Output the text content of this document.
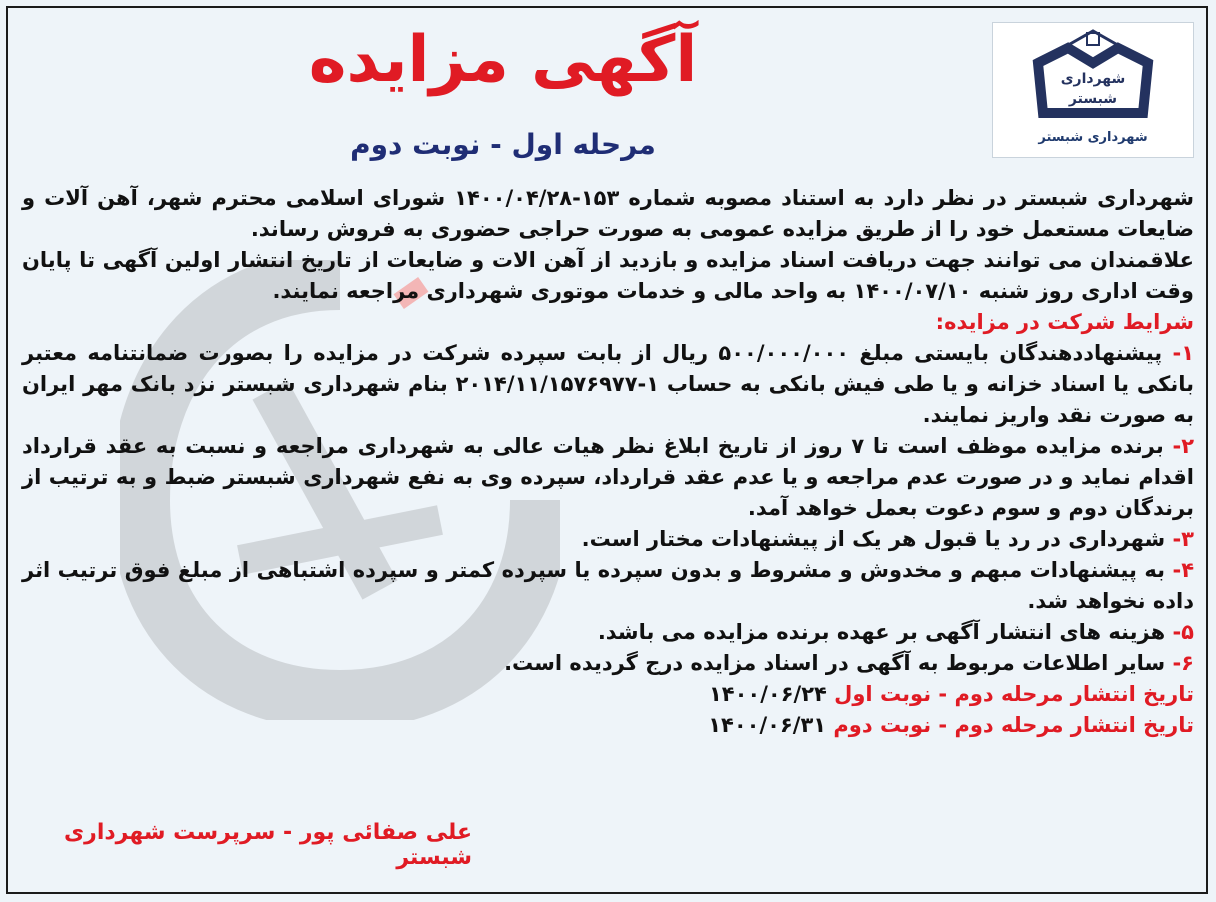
شهرداری
شبستر
شهرداری شبستر
آگهی مزایده
مرحله اول - نوبت دوم

شهرداری شبستر در نظر دارد به استناد مصوبه شماره ۱۵۳-۱۴۰۰/۰۴/۲۸ شورای اسلامی محترم شهر، آهن آلات و ضایعات مستعمل خود را از طریق مزایده عمومی به صورت حراجی حضوری به فروش رساند.

علاقمندان می توانند جهت دریافت اسناد مزایده و بازدید از آهن الات و ضایعات از تاریخ انتشار اولین آگهی تا پایان وقت اداری روز شنبه ۱۴۰۰/۰۷/۱۰ به واحد مالی و خدمات موتوری شهرداری مراجعه نمایند.

شرایط شرکت در مزایده:

۱- پیشنهاددهندگان بایستی مبلغ ۵۰۰/۰۰۰/۰۰۰ ریال از بابت سپرده شرکت در مزایده را بصورت ضمانتنامه معتبر بانکی یا اسناد خزانه و یا طی فیش بانکی به حساب ۱-۲۰۱۴/۱۱/۱۵۷۶۹۷۷ بنام شهرداری شبستر نزد بانک مهر ایران به صورت نقد واریز نمایند.

۲- برنده مزایده موظف است تا ۷ روز از تاریخ ابلاغ نظر هیات عالی به شهرداری مراجعه و نسبت به عقد قرارداد اقدام نماید و در صورت عدم مراجعه و یا عدم عقد قرارداد، سپرده وی به نفع شهرداری شبستر ضبط و به ترتیب از برندگان دوم و سوم دعوت بعمل خواهد آمد.

۳- شهرداری در رد یا قبول هر یک از پیشنهادات مختار است.

۴- به پیشنهادات مبهم و مخدوش و مشروط و بدون سپرده یا سپرده کمتر و سپرده اشتباهی از مبلغ فوق ترتیب اثر داده نخواهد شد.

۵- هزینه های انتشار آگهی بر عهده برنده مزایده می باشد.

۶- سایر اطلاعات مربوط به آگهی در اسناد مزایده درج گردیده است.

تاریخ انتشار مرحله دوم - نوبت اول ۱۴۰۰/۰۶/۲۴

تاریخ انتشار مرحله دوم - نوبت دوم ۱۴۰۰/۰۶/۳۱

علی صفائی پور - سرپرست شهرداری شبستر
